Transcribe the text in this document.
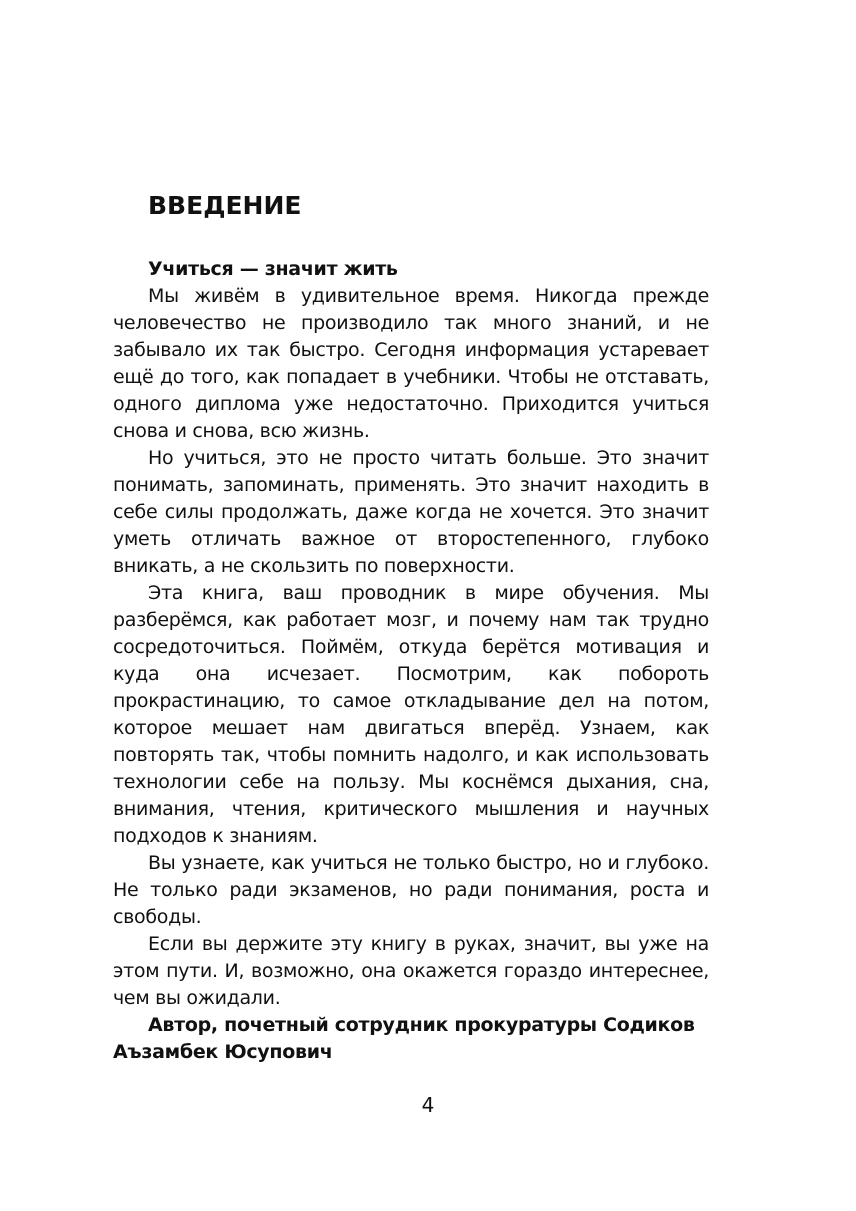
ВВЕДЕНИЕ

Учиться — значит жить

Мы живём в удивительное время. Никогда прежде человечество не производило так много знаний, и не забывало их так быстро. Сегодня информация устаревает ещё до того, как попадает в учебники. Чтобы не отставать, одного диплома уже недостаточно. Приходится учиться снова и снова, всю жизнь.

Но учиться, это не просто читать больше. Это значит понимать, запоминать, применять. Это значит находить в себе силы продолжать, даже когда не хочется. Это значит уметь отличать важное от второстепенного, глубоко вникать, а не скользить по поверхности.

Эта книга, ваш проводник в мире обучения. Мы разберёмся, как работает мозг, и почему нам так трудно сосредоточиться. Поймём, откуда берётся мотивация и куда она исчезает. Посмотрим, как побороть прокрастинацию, то самое откладывание дел на потом, которое мешает нам двигаться вперёд. Узнаем, как повторять так, чтобы помнить надолго, и как использовать технологии себе на пользу. Мы коснёмся дыхания, сна, внимания, чтения, критического мышления и научных подходов к знаниям.

Вы узнаете, как учиться не только быстро, но и глубоко. Не только ради экзаменов, но ради понимания, роста и свободы.

Если вы держите эту книгу в руках, значит, вы уже на этом пути. И, возможно, она окажется гораздо интереснее, чем вы ожидали.

Автор, почетный сотрудник прокуратуры Содиков Аъзамбек Юсупович

4
